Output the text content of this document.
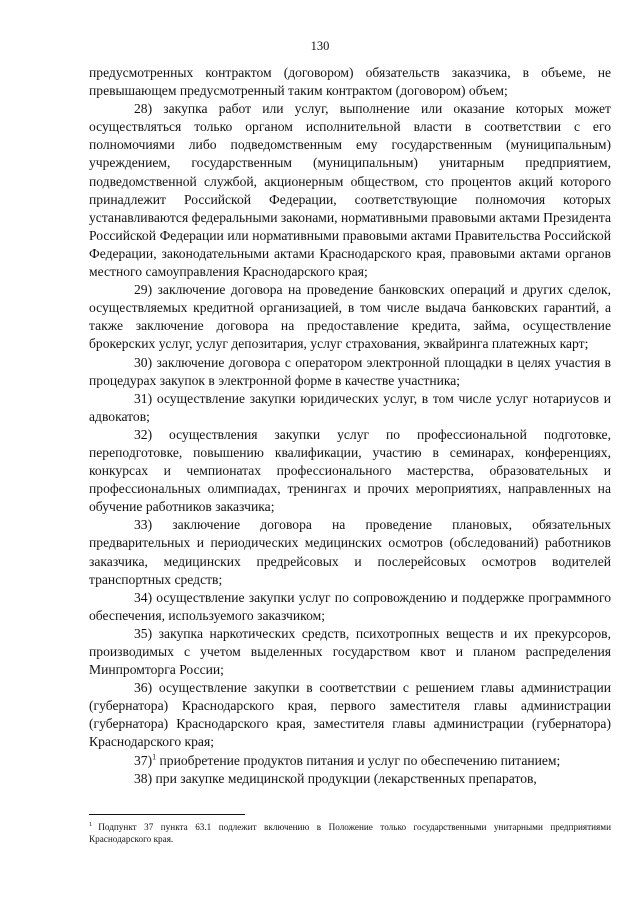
130

предусмотренных контрактом (договором) обязательств заказчика, в объеме, не превышающем предусмотренный таким контрактом (договором) объем;

28) закупка работ или услуг, выполнение или оказание которых может осуществляться только органом исполнительной власти в соответствии с его полномочиями либо подведомственным ему государственным (муниципальным) учреждением, государственным (муниципальным) унитарным предприятием, подведомственной службой, акционерным обществом, сто процентов акций которого принадлежит Российской Федерации, соответствующие полномочия которых устанавливаются федеральными законами, нормативными правовыми актами Президента Российской Федерации или нормативными правовыми актами Правительства Российской Федерации, законодательными актами Краснодарского края, правовыми актами органов местного самоуправления Краснодарского края;

29) заключение договора на проведение банковских операций и других сделок, осуществляемых кредитной организацией, в том числе выдача банковских гарантий, а также заключение договора на предоставление кредита, займа, осуществление брокерских услуг, услуг депозитария, услуг страхования, эквайринга платежных карт;

30) заключение договора с оператором электронной площадки в целях участия в процедурах закупок в электронной форме в качестве участника;

31) осуществление закупки юридических услуг, в том числе услуг нотариусов и адвокатов;

32) осуществления закупки услуг по профессиональной подготовке, переподготовке, повышению квалификации, участию в семинарах, конференциях, конкурсах и чемпионатах профессионального мастерства, образовательных и профессиональных олимпиадах, тренингах и прочих мероприятиях, направленных на обучение работников заказчика;

33) заключение договора на проведение плановых, обязательных предварительных и периодических медицинских осмотров (обследований) работников заказчика, медицинских предрейсовых и послерейсовых осмотров водителей транспортных средств;

34) осуществление закупки услуг по сопровождению и поддержке программного обеспечения, используемого заказчиком;

35) закупка наркотических средств, психотропных веществ и их прекурсоров, производимых с учетом выделенных государством квот и планом распределения Минпромторга России;

36) осуществление закупки в соответствии с решением главы администрации (губернатора) Краснодарского края, первого заместителя главы администрации (губернатора) Краснодарского края, заместителя главы администрации (губернатора) Краснодарского края;

37)$^1$ приобретение продуктов питания и услуг по обеспечению питанием;

38) при закупке медицинской продукции (лекарственных препаратов,

$^1$ Подпункт 37 пункта 63.1 подлежит включению в Положение только государственными унитарными предприятиями Краснодарского края.
